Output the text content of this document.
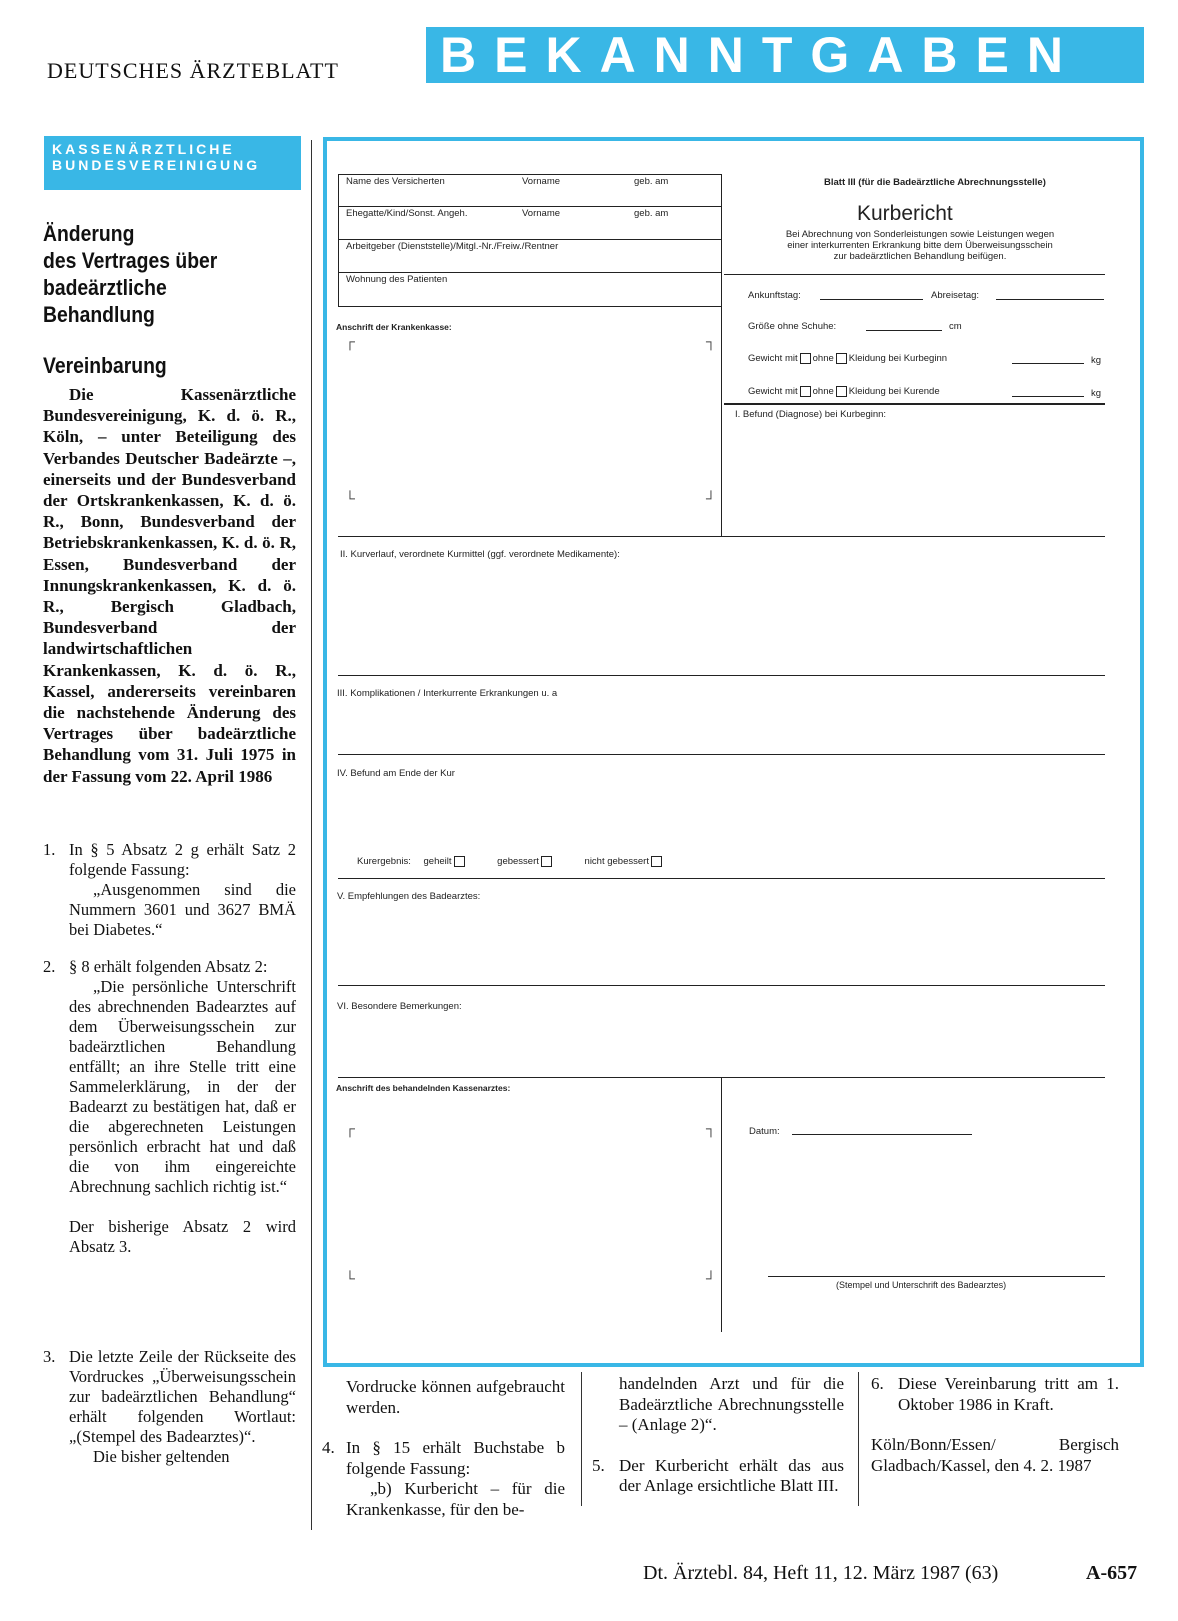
DEUTSCHES ÄRZTEBLATT BEKANNTGABEN
KASSENÄRZTLICHE
BUNDESVEREINIGUNG
Änderung
des Vertrages über
badeärztliche
Behandlung
Vereinbarung
Die Kassenärztliche Bundesvereinigung, K. d. ö. R., Köln, – unter Beteiligung des Verbandes Deutscher Badeärzte –, einerseits und der Bundesverband der Ortskrankenkassen, K. d. ö. R., Bonn, Bundesverband der Betriebskrankenkassen, K. d. ö. R, Essen, Bundesverband der Innungskrankenkassen, K. d. ö. R., Bergisch Gladbach, Bundesverband der landwirtschaftlichen Krankenkassen, K. d. ö. R., Kassel, andererseits vereinbaren die nachstehende Änderung des Vertrages über badeärztliche Behandlung vom 31. Juli 1975 in der Fassung vom 22. April 1986
1. In § 5 Absatz 2 g erhält Satz 2 folgende Fassung:
„Ausgenommen sind die Nummern 3601 und 3627 BMÄ bei Diabetes.“
2. § 8 erhält folgenden Absatz 2:
„Die persönliche Unterschrift des abrechnenden Badearztes auf dem Überweisungsschein zur badeärztlichen Behandlung entfällt; an ihre Stelle tritt eine Sammelerklärung, in der der Badearzt zu bestätigen hat, daß er die abgerechneten Leistungen persönlich erbracht hat und daß die von ihm eingereichte Abrechnung sachlich richtig ist.“
Der bisherige Absatz 2 wird Absatz 3.
3. Die letzte Zeile der Rückseite des Vordruckes „Überweisungsschein zur badeärztlichen Behandlung“ erhält folgenden Wortlaut: „(Stempel des Badearztes)“.
Die bisher geltenden
Name des Versicherten	Vorname	geb. am
Ehegatte/Kind/Sonst. Angeh.	Vorname	geb. am
Arbeitgeber (Dienststelle)/Mitgl.-Nr./Freiw./Rentner
Wohnung des Patienten
Blatt III (für die Badeärztliche Abrechnungsstelle)
Kurbericht
Bei Abrechnung von Sonderleistungen sowie Leistungen wegen
einer interkurrenten Erkrankung bitte dem Überweisungsschein
zur badeärztlichen Behandlung beifügen.
Ankunftstag:	Abreisetag:
Größe ohne Schuhe:	cm
Gewicht mit ohne Kleidung bei Kurbeginn	kg
Gewicht mit ohne Kleidung bei Kurende	kg
I. Befund (Diagnose) bei Kurbeginn:
Anschrift der Krankenkasse:
┌	┐
└	┘
II. Kurverlauf, verordnete Kurmittel (ggf. verordnete Medikamente):
III. Komplikationen / Interkurrente Erkrankungen u. a
IV. Befund am Ende der Kur
Kurergebnis: geheilt	gebessert	nicht gebessert
V. Empfehlungen des Badearztes:
VI. Besondere Bemerkungen:
Anschrift des behandelnden Kassenarztes:
┌	┐
└	┘
Datum:
(Stempel und Unterschrift des Badearztes)
Vordrucke können aufgebraucht werden.
4. In § 15 erhält Buchstabe b folgende Fassung:
„b) Kurbericht – für die Krankenkasse, für den be-
handelnden Arzt und für die Badeärztliche Abrechnungsstelle – (Anlage 2)“.
5. Der Kurbericht erhält das aus der Anlage ersichtliche Blatt III.
6. Diese Vereinbarung tritt am 1. Oktober 1986 in Kraft.
Köln/Bonn/Essen/ Bergisch Gladbach/Kassel, den 4. 2. 1987
Dt. Ärztebl. 84, Heft 11, 12. März 1987 (63)	A-657
